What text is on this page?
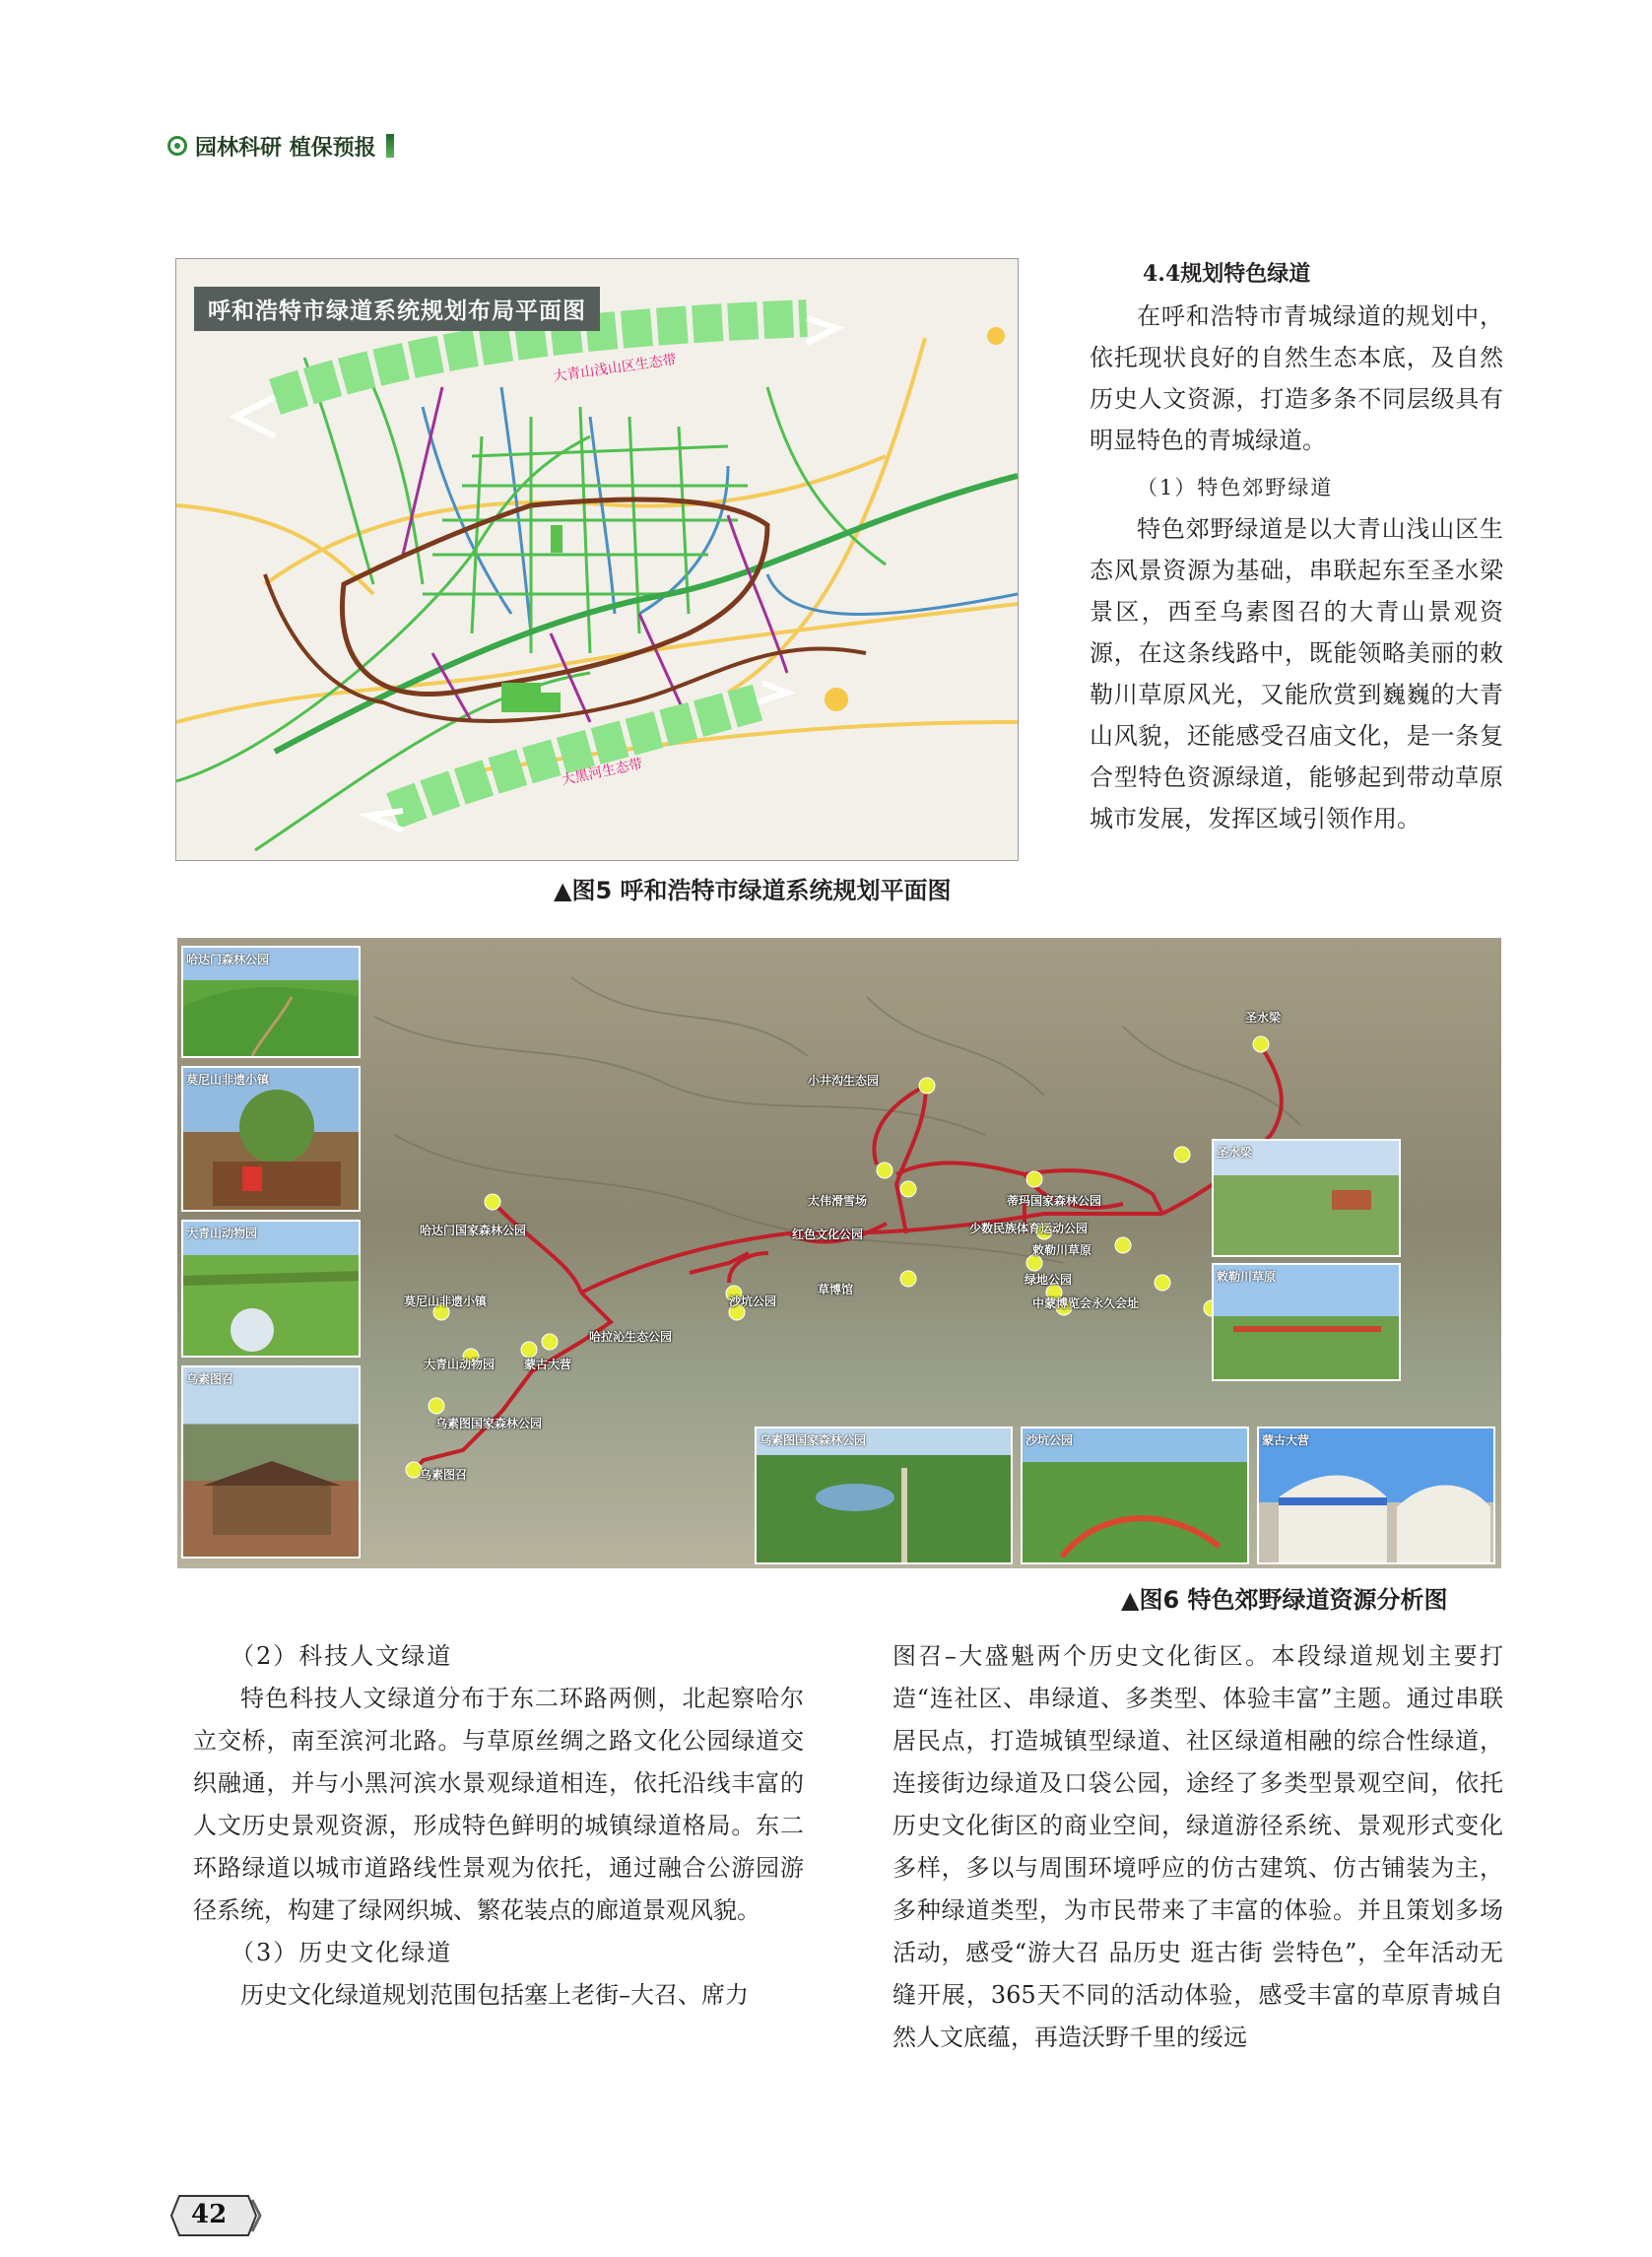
园林科研 植保预报
呼和浩特市绿道系统规划布局平面图
大青山浅山区生态带
大黑河生态带
▲图5 呼和浩特市绿道系统规划平面图
4.4规划特色绿道

在呼和浩特市青城绿道的规划中，依托现状良好的自然生态本底，及自然历史人文资源，打造多条不同层级具有明显特色的青城绿道。

（1）特色郊野绿道

特色郊野绿道是以大青山浅山区生态风景资源为基础，串联起东至圣水梁景区，西至乌素图召的大青山景观资源，在这条线路中，既能领略美丽的敕勒川草原风光，又能欣赏到巍巍的大青山风貌，还能感受召庙文化，是一条复合型特色资源绿道，能够起到带动草原城市发展，发挥区域引领作用。

哈达门森林公园
莫尼山非遗小镇
大青山动物园
乌素图召
圣水梁
敕勒川草原
乌素图国家森林公园	沙坑公园	蒙古大营
圣水梁
小井沟生态园
太伟滑雪场
红色文化公园
哈达门国家森林公园
莫尼山非遗小镇
大青山动物园 蒙古大营
哈拉沁生态公园
沙坑公园
乌素图国家森林公园
乌素图召
草博馆
少数民族体育运动公园
敕勒川草原
绿地公园
中蒙博览会永久会址
蒂玛国家森林公园
▲图6 特色郊野绿道资源分析图

（2）科技人文绿道

特色科技人文绿道分布于东二环路两侧，北起察哈尔立交桥，南至滨河北路。与草原丝绸之路文化公园绿道交织融通，并与小黑河滨水景观绿道相连，依托沿线丰富的人文历史景观资源，形成特色鲜明的城镇绿道格局。东二环路绿道以城市道路线性景观为依托，通过融合公游园游径系统，构建了绿网织城、繁花装点的廊道景观风貌。

（3）历史文化绿道

历史文化绿道规划范围包括塞上老街–大召、席力

图召–大盛魁两个历史文化街区。本段绿道规划主要打造“连社区、串绿道、多类型、体验丰富”主题。通过串联居民点，打造城镇型绿道、社区绿道相融的综合性绿道，连接街边绿道及口袋公园，途经了多类型景观空间，依托历史文化街区的商业空间，绿道游径系统、景观形式变化多样，多以与周围环境呼应的仿古建筑、仿古铺装为主，多种绿道类型，为市民带来了丰富的体验。并且策划多场活动，感受“游大召 品历史 逛古街 尝特色”，全年活动无缝开展，365天不同的活动体验，感受丰富的草原青城自然人文底蕴，再造沃野千里的绥远

42
